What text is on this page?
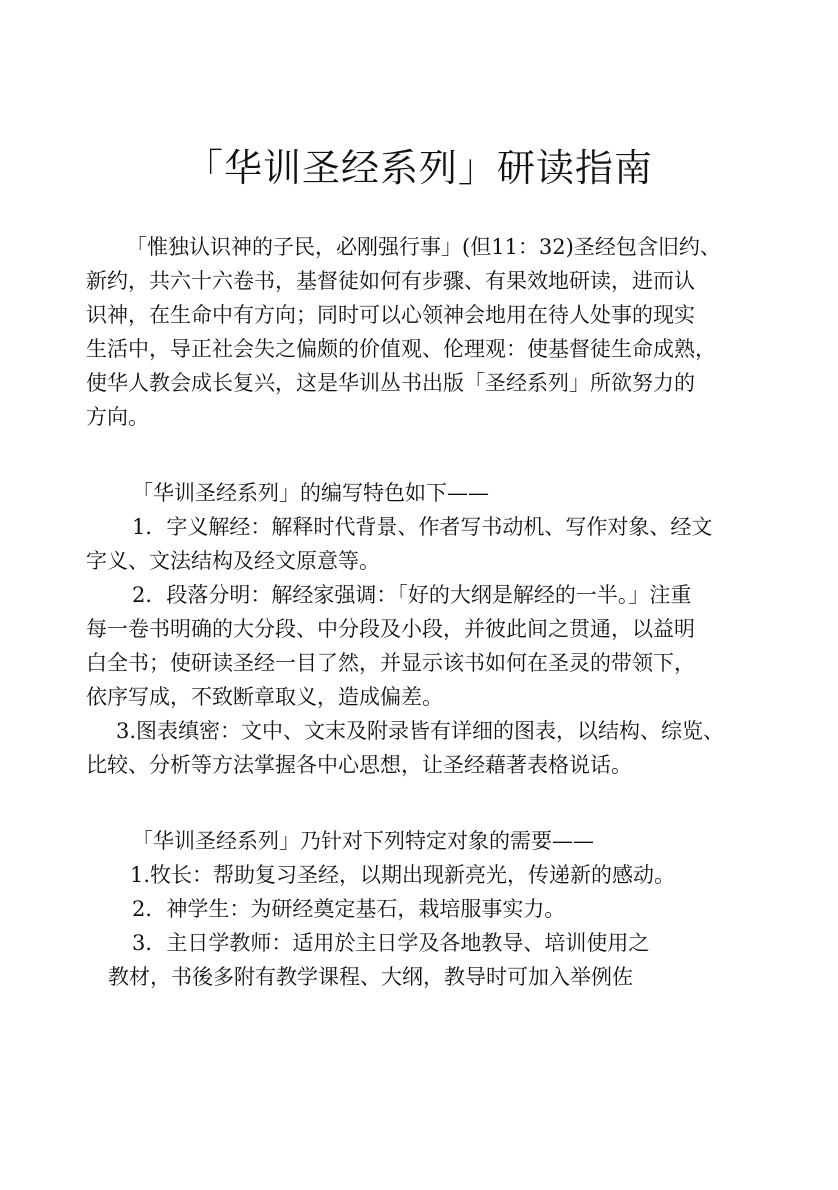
「华训圣经系列」研读指南
「惟独认识神的子民，必刚强行事」(但11：32)圣经包含旧约、
新约，共六十六卷书，基督徒如何有步骤、有果效地研读，进而认
识神，在生命中有方向；同时可以心领神会地用在待人处事的现实
生活中，导正社会失之偏颇的价值观、伦理观：使基督徒生命成熟，
使华人教会成长复兴，这是华训丛书出版「圣经系列」所欲努力的
方向。
「华训圣经系列」的编写特色如下——
1．字义解经：解释时代背景、作者写书动机、写作对象、经文
字义、文法结构及经文原意等。
2．段落分明：解经家强调：「好的大纲是解经的一半。」注重
每一卷书明确的大分段、中分段及小段，并彼此间之贯通，以益明
白全书；使研读圣经一目了然，并显示该书如何在圣灵的带领下，
依序写成，不致断章取义，造成偏差。
3.图表缜密：文中、文末及附录皆有详细的图表，以结构、综览、
比较、分析等方法掌握各中心思想，让圣经藉著表格说话。
「华训圣经系列」乃针对下列特定对象的需要——
1.牧长：帮助复习圣经，以期出现新亮光，传递新的感动。
2．神学生：为研经奠定基石，栽培服事实力。
3．主日学教师：适用於主日学及各地教导、培训使用之
教材，书後多附有教学课程、大纲，教导时可加入举例佐
